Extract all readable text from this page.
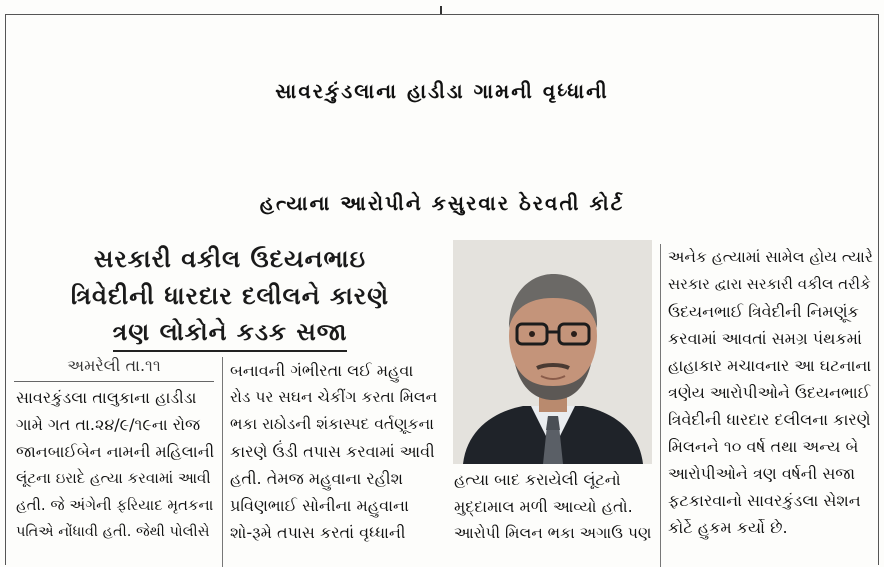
સાવરકુંડલાના હાડીડા ગામની વૃધ્ધાની
હત્યાના આરોપીને કસુરવાર ઠેરવતી કોર્ટ
સરકારી વકીલ ઉદયનભાઇ
ત્રિવેદીની ધારદાર દલીલને કારણે
ત્રણ લોકોને કડક સજા
અમરેલી તા.૧૧
સાવરકુંડલા તાલુકાના હાડીડા
ગામે ગત તા.૨૪/૯/૧૯ના રોજ
જાનબાઈબેન નામની મહિલાની
લૂંટના ઇરાદે હત્યા કરવામાં આવી
હતી. જે અંગેની ફરિયાદ મૃતકના
પતિએ નોંધાવી હતી. જેથી પોલીસે
બનાવની ગંભીરતા લઈ મહુવા
રોડ પર સઘન ચેકીંગ કરતા મિલન
ભકા રાઠોડની શંકાસ્પદ વર્તણૂકના
કારણે ઉંડી તપાસ કરવામાં આવી
હતી. તેમજ મહુવાના રહીશ
પ્રવિણભાઈ સોનીના મહુવાના
શો-રૂમે તપાસ કરતાં વૃધ્ધાની
હત્યા બાદ કરાયેલી લૂંટનો
મુદ્દામાલ મળી આવ્યો હતો.
આરોપી મિલન ભકા અગાઉ પણ
અનેક હત્યામાં સામેલ હોય ત્યારે
સરકાર દ્વારા સરકારી વકીલ તરીકે
ઉદયનભાઈ ત્રિવેદીની નિમણૂંક
કરવામાં આવતાં સમગ્ર પંથકમાં
હાહાકાર મચાવનાર આ ઘટનાના
ત્રણેય આરોપીઓને ઉદયનભાઈ
ત્રિવેદીની ધારદાર દલીલના કારણે
મિલનને ૧૦ વર્ષ તથા અન્ય બે
આરોપીઓને ત્રણ વર્ષની સજા
ફટકારવાનો સાવરકુંડલા સેશન
કોર્ટે હુકમ કર્યો છે.
